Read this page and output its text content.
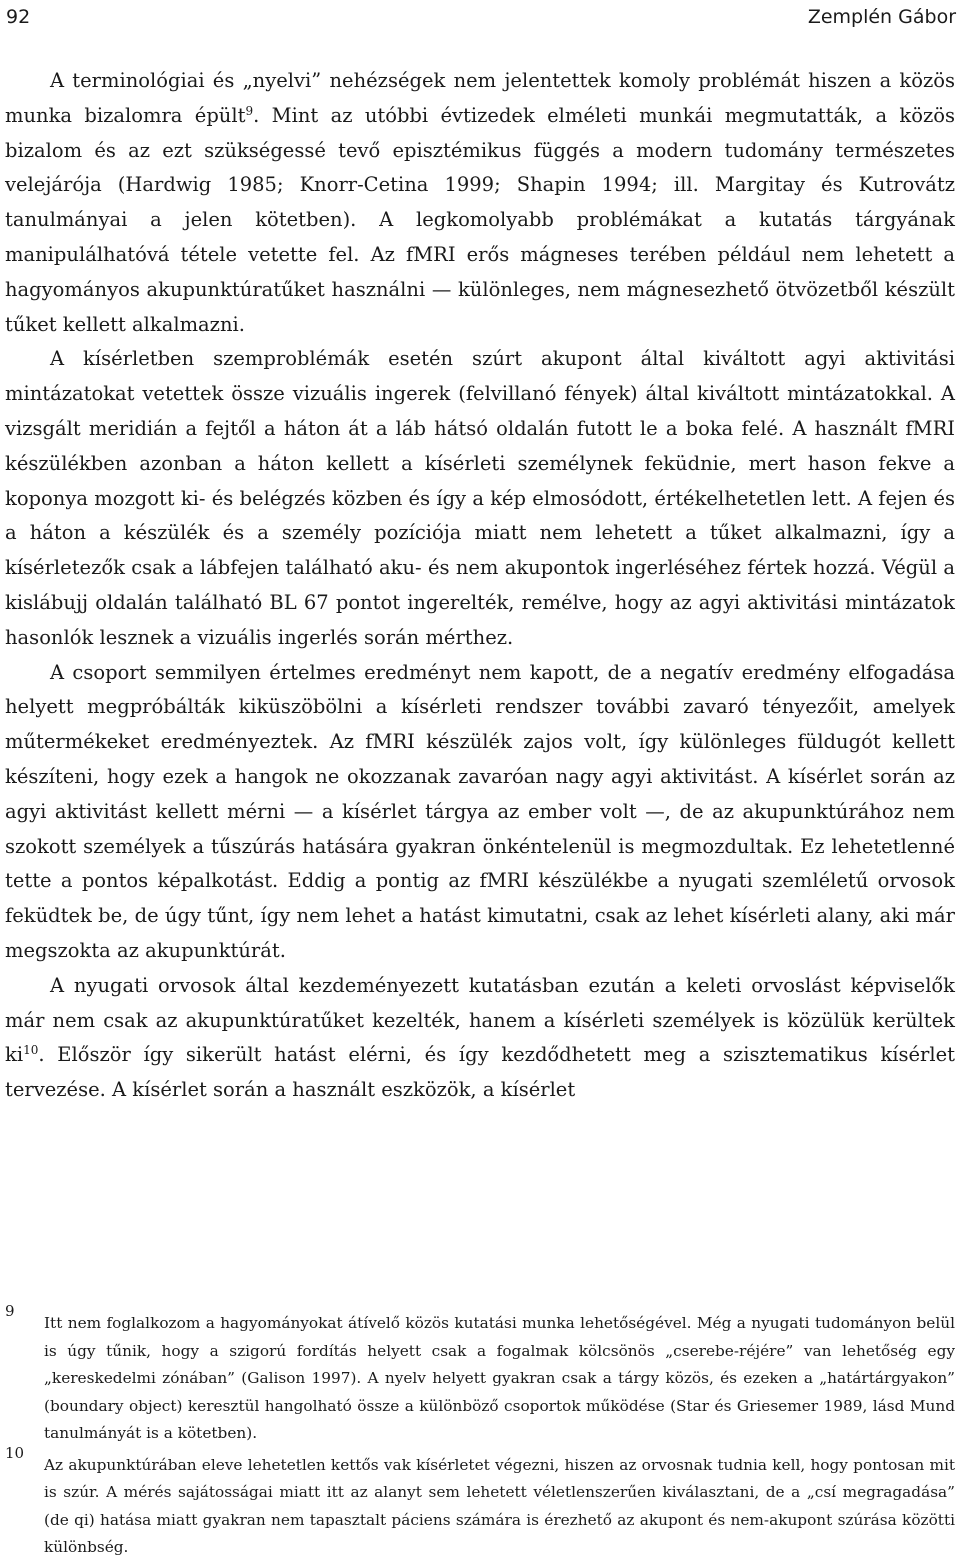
92	Zemplén Gábor

A terminológiai és „nyelvi” nehézségek nem jelentettek komoly problémát hiszen a közös munka bizalomra épült$^9$. Mint az utóbbi évtizedek elméleti munkái megmutatták, a közös bizalom és az ezt szükségessé tevő episztémikus függés a modern tudomány természetes velejárója (Hardwig 1985; Knorr-Cetina 1999; Shapin 1994; ill. Margitay és Kutrovátz tanulmányai a jelen kötetben). A legkomolyabb problémákat a kutatás tárgyának manipulálhatóvá tétele vetette fel. Az fMRI erős mágneses terében például nem lehetett a hagyományos akupunktúratűket használni — különleges, nem mágnesezhető ötvözetből készült tűket kellett alkalmazni.

A kísérletben szemproblémák esetén szúrt akupont által kiváltott agyi aktivitási mintázatokat vetettek össze vizuális ingerek (felvillanó fények) által kiváltott mintázatokkal. A vizsgált meridián a fejtől a háton át a láb hátsó oldalán futott le a boka felé. A használt fMRI készülékben azonban a háton kellett a kísérleti személynek feküdnie, mert hason fekve a koponya mozgott ki- és belégzés közben és így a kép elmosódott, értékelhetetlen lett. A fejen és a háton a készülék és a személy pozíciója miatt nem lehetett a tűket alkalmazni, így a kísérletezők csak a lábfejen található aku- és nem akupontok ingerléséhez fértek hozzá. Végül a kislábujj oldalán található BL 67 pontot ingerelték, remélve, hogy az agyi aktivitási mintázatok hasonlók lesznek a vizuális ingerlés során mérthez.

A csoport semmilyen értelmes eredményt nem kapott, de a negatív eredmény elfogadása helyett megpróbálták kiküszöbölni a kísérleti rendszer további zavaró tényezőit, amelyek műtermékeket eredményeztek. Az fMRI készülék zajos volt, így különleges füldugót kellett készíteni, hogy ezek a hangok ne okozzanak zavaróan nagy agyi aktivitást. A kísérlet során az agyi aktivitást kellett mérni — a kísérlet tárgya az ember volt —, de az akupunktúrához nem szokott személyek a tűszúrás hatására gyakran önkéntelenül is megmozdultak. Ez lehetetlenné tette a pontos képalkotást. Eddig a pontig az fMRI készülékbe a nyugati szemléletű orvosok feküdtek be, de úgy tűnt, így nem lehet a hatást kimutatni, csak az lehet kísérleti alany, aki már megszokta az akupunktúrát.

A nyugati orvosok által kezdeményezett kutatásban ezután a keleti orvoslást képviselők már nem csak az akupunktúratűket kezelték, hanem a kísérleti személyek is közülük kerültek $ki^{10}$. Először így sikerült hatást elérni, és így kezdődhetett meg a szisztematikus kísérlet tervezése. A kísérlet során a használt eszközök, a kísérlet

9
Itt nem foglalkozom a hagyományokat átívelő közös kutatási munka lehetőségével. Még a nyugati tudományon belül is úgy tűnik, hogy a szigorú fordítás helyett csak a fogalmak kölcsönös „cserebe-réjére” van lehetőség egy „kereskedelmi zónában” (Galison 1997). A nyelv helyett gyakran csak a tárgy közös, és ezeken a „határtárgyakon” (boundary object) keresztül hangolható össze a különböző csoportok működése (Star és Griesemer 1989, lásd Mund tanulmányát is a kötetben).
10
Az akupunktúrában eleve lehetetlen kettős vak kísérletet végezni, hiszen az orvosnak tudnia kell, hogy pontosan mit is szúr. A mérés sajátosságai miatt itt az alanyt sem lehetett véletlenszerűen kiválasztani, de a „csí megragadása” (de qi) hatása miatt gyakran nem tapasztalt páciens számára is érezhető az akupont és nem-akupont szúrása közötti különbség.
